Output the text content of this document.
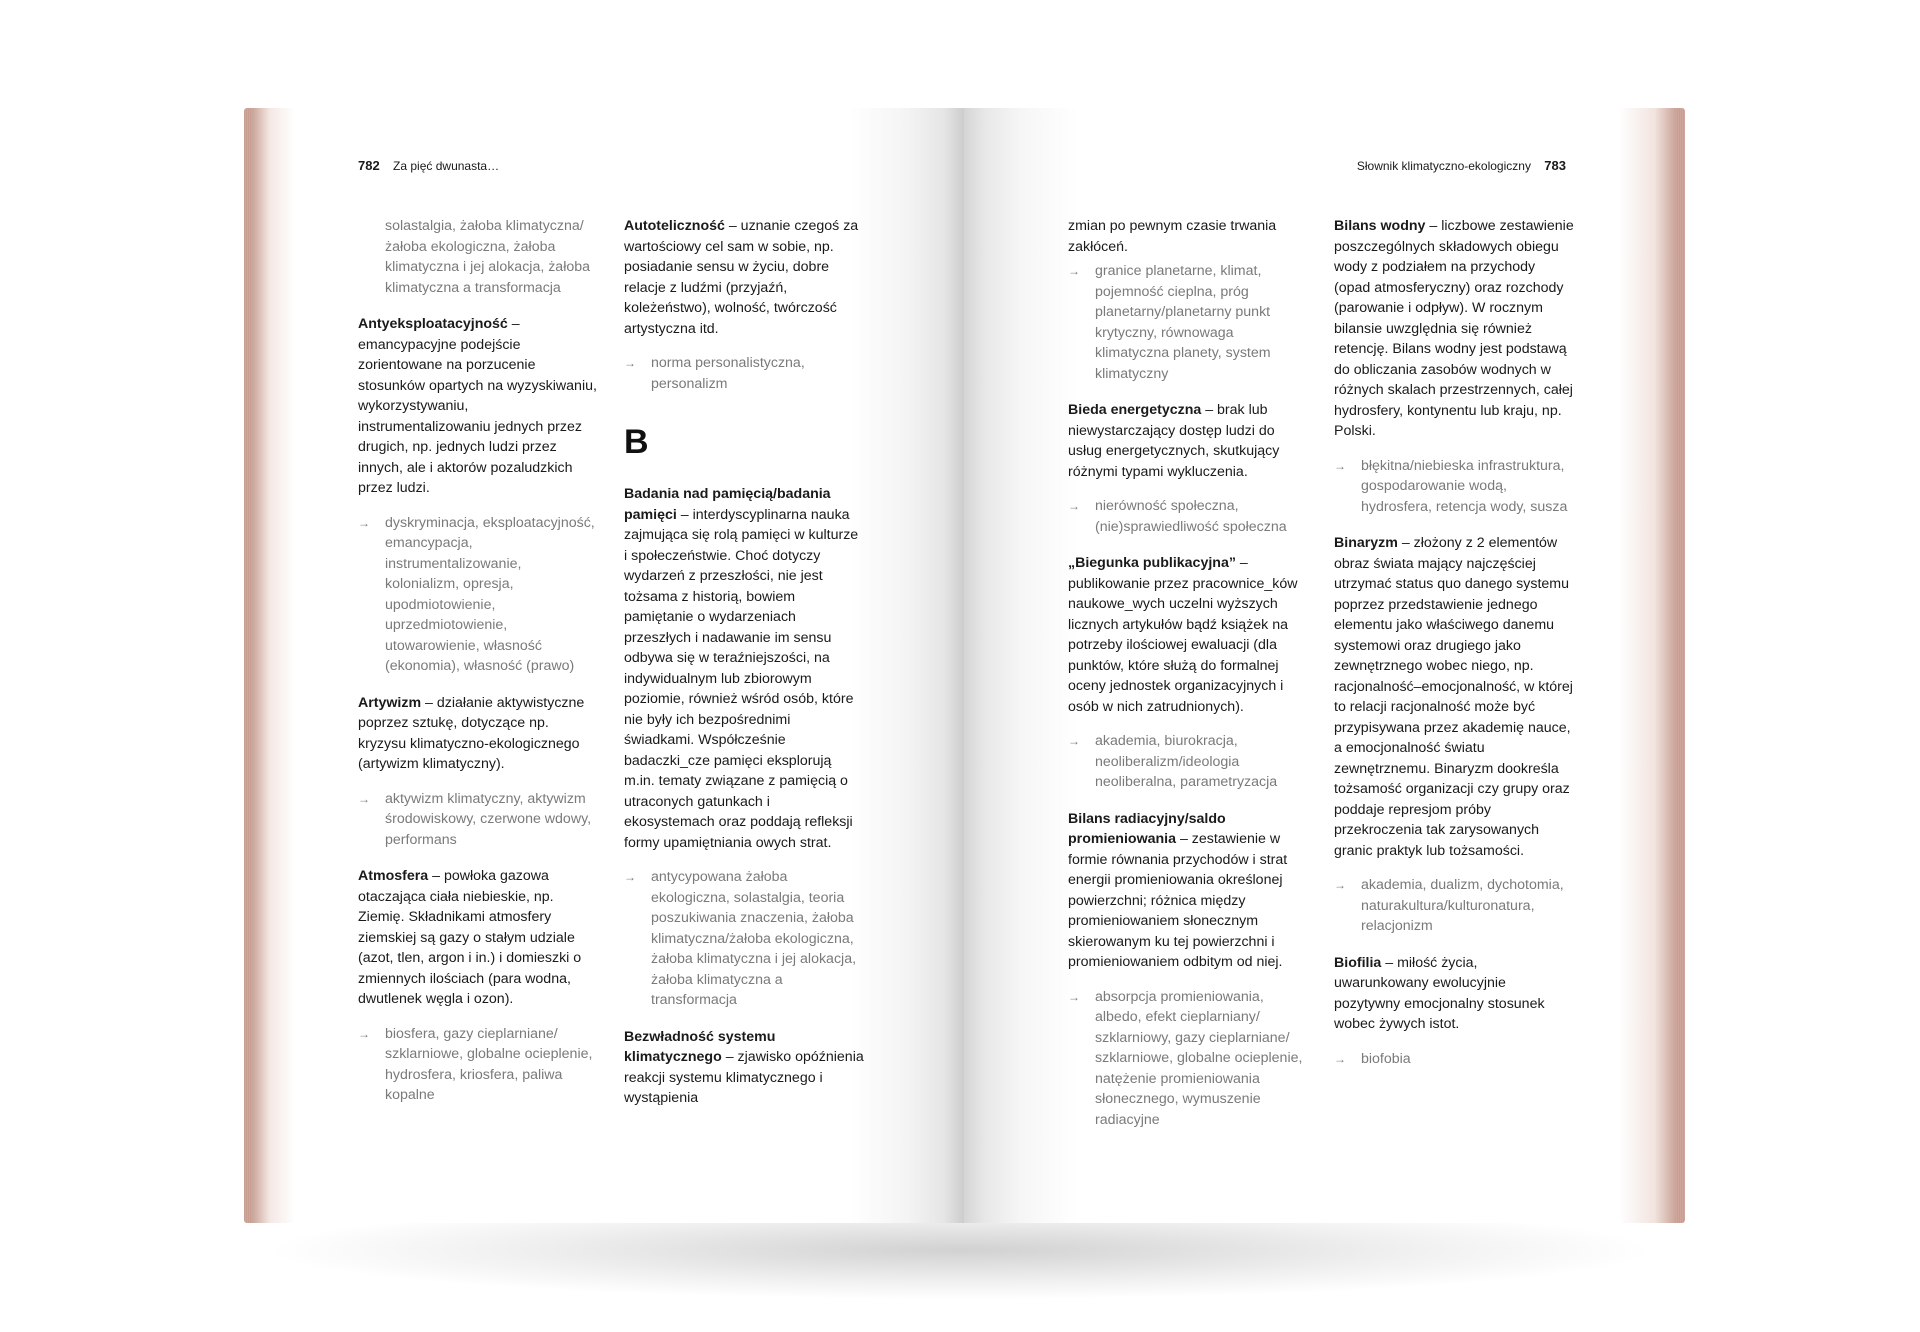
782 Za pięć dwunasta…
solastalgia, żałoba klimatyczna/ żałoba ekologiczna, żałoba klimatyczna i jej alokacja, żałoba klimatyczna a transformacja
Antyeksploatacyjność – emancypacyjne podejście zorientowane na porzucenie stosunków opartych na wyzyskiwaniu, wykorzystywaniu, instrumentalizowaniu jednych przez drugich, np. jednych ludzi przez innych, ale i aktorów pozaludzkich przez ludzi.
→ dyskryminacja, eksploatacyjność, emancypacja, instrumentalizowanie, kolonializm, opresja, upodmiotowienie, uprzedmiotowienie, utowarowienie, własność (ekonomia), własność (prawo)
Artywizm – działanie aktywistyczne poprzez sztukę, dotyczące np. kryzysu klimatyczno-ekologicznego (artywizm klimatyczny).
→ aktywizm klimatyczny, aktywizm środowiskowy, czerwone wdowy, performans
Atmosfera – powłoka gazowa otaczająca ciała niebieskie, np. Ziemię. Składnikami atmosfery ziemskiej są gazy o stałym udziale (azot, tlen, argon i in.) i domieszki o zmiennych ilościach (para wodna, dwutlenek węgla i ozon).
→ biosfera, gazy cieplarniane/ szklarniowe, globalne ocieplenie, hydrosfera, kriosfera, paliwa kopalne
Autoteliczność – uznanie czegoś za wartościowy cel sam w sobie, np. posiadanie sensu w życiu, dobre relacje z ludźmi (przyjaźń, koleżeństwo), wolność, twórczość artystyczna itd.
→ norma personalistyczna, personalizm
B
Badania nad pamięcią/badania pamięci – interdyscyplinarna nauka zajmująca się rolą pamięci w kulturze i społeczeństwie. Choć dotyczy wydarzeń z przeszłości, nie jest tożsama z historią, bowiem pamiętanie o wydarzeniach przeszłych i nadawanie im sensu odbywa się w teraźniejszości, na indywidualnym lub zbiorowym poziomie, również wśród osób, które nie były ich bezpośrednimi świadkami. Współcześnie badaczki_cze pamięci eksplorują m.in. tematy związane z pamięcią o utraconych gatunkach i ekosystemach oraz poddają refleksji formy upamiętniania owych strat.
→ antycypowana żałoba ekologiczna, solastalgia, teoria poszukiwania znaczenia, żałoba klimatyczna/żałoba ekologiczna, żałoba klimatyczna i jej alokacja, żałoba klimatyczna a transformacja
Bezwładność systemu klimatycznego – zjawisko opóźnienia reakcji systemu klimatycznego i wystąpienia
Słownik klimatyczno-ekologiczny 783
zmian po pewnym czasie trwania zakłóceń.
→ granice planetarne, klimat, pojemność cieplna, próg planetarny/planetarny punkt krytyczny, równowaga klimatyczna planety, system klimatyczny
Bieda energetyczna – brak lub niewystarczający dostęp ludzi do usług energetycznych, skutkujący różnymi typami wykluczenia.
→ nierówność społeczna, (nie)sprawiedliwość społeczna
„Biegunka publikacyjna” – publikowanie przez pracownice_ków naukowe_wych uczelni wyższych licznych artykułów bądź książek na potrzeby ilościowej ewaluacji (dla punktów, które służą do formalnej oceny jednostek organizacyjnych i osób w nich zatrudnionych).
→ akademia, biurokracja, neoliberalizm/ideologia neoliberalna, parametryzacja
Bilans radiacyjny/saldo promieniowania – zestawienie w formie równania przychodów i strat energii promieniowania określonej powierzchni; różnica między promieniowaniem słonecznym skierowanym ku tej powierzchni i promieniowaniem odbitym od niej.
→ absorpcja promieniowania, albedo, efekt cieplarniany/ szklarniowy, gazy cieplarniane/ szklarniowe, globalne ocieplenie, natężenie promieniowania słonecznego, wymuszenie radiacyjne
Bilans wodny – liczbowe zestawienie poszczególnych składowych obiegu wody z podziałem na przychody (opad atmosferyczny) oraz rozchody (parowanie i odpływ). W rocznym bilansie uwzględnia się również retencję. Bilans wodny jest podstawą do obliczania zasobów wodnych w różnych skalach przestrzennych, całej hydrosfery, kontynentu lub kraju, np. Polski.
→ błękitna/niebieska infrastruktura, gospodarowanie wodą, hydrosfera, retencja wody, susza
Binaryzm – złożony z 2 elementów obraz świata mający najczęściej utrzymać status quo danego systemu poprzez przedstawienie jednego elementu jako właściwego danemu systemowi oraz drugiego jako zewnętrznego wobec niego, np. racjonalność–emocjonalność, w której to relacji racjonalność może być przypisywana przez akademię nauce, a emocjonalność światu zewnętrznemu. Binaryzm dookreśla tożsamość organizacji czy grupy oraz poddaje represjom próby przekroczenia tak zarysowanych granic praktyk lub tożsamości.
→ akademia, dualizm, dychotomia, naturakultura/kulturonatura, relacjonizm
Biofilia – miłość życia, uwarunkowany ewolucyjnie pozytywny emocjonalny stosunek wobec żywych istot.
→ biofobia
